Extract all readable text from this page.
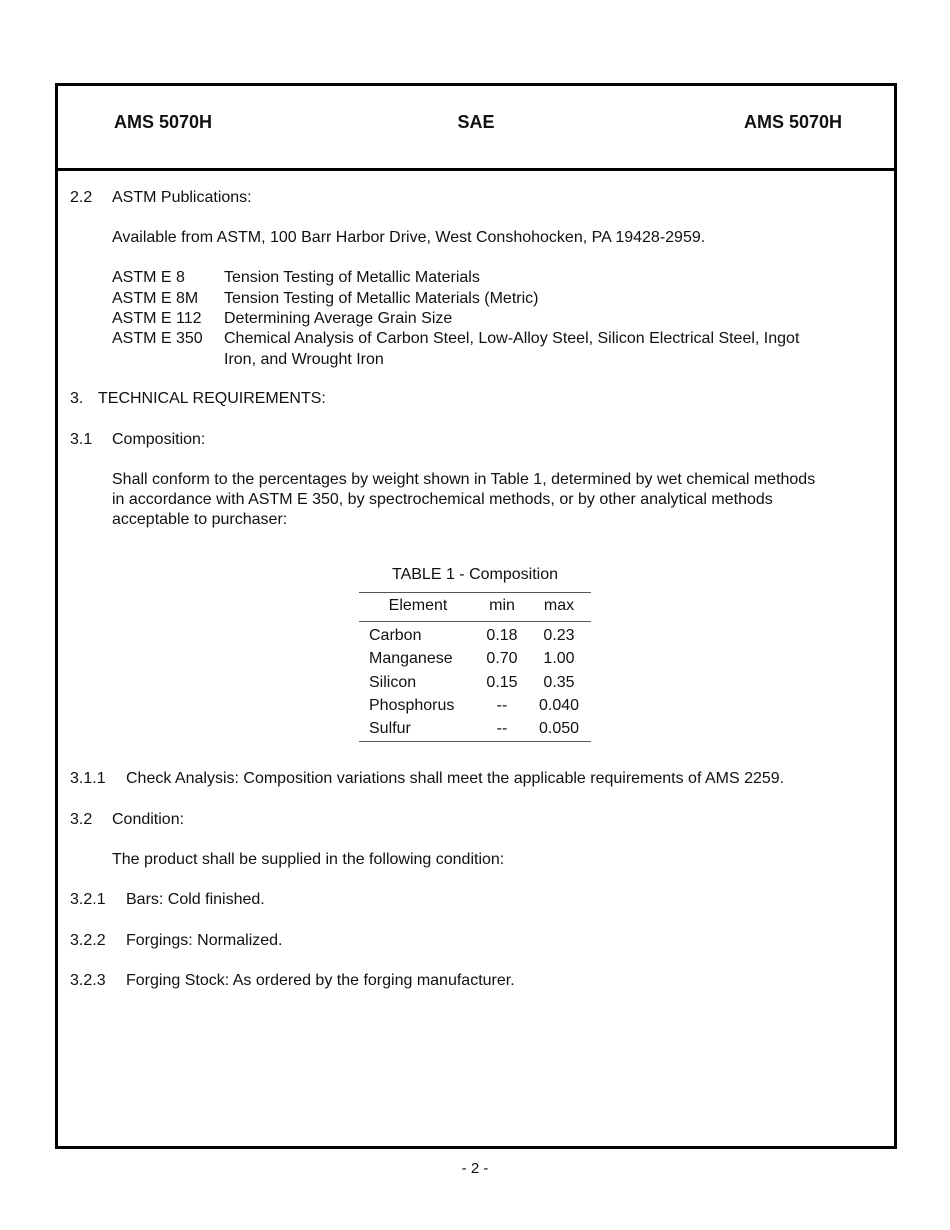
AMS 5070H	SAE	AMS 5070H
2.2 ASTM Publications:
Available from ASTM, 100 Barr Harbor Drive, West Conshohocken, PA 19428-2959.
ASTM E 8 Tension Testing of Metallic Materials
ASTM E 8M Tension Testing of Metallic Materials (Metric)
ASTM E 112 Determining Average Grain Size
ASTM E 350 Chemical Analysis of Carbon Steel, Low-Alloy Steel, Silicon Electrical Steel, Ingot
Iron, and Wrought Iron
3. TECHNICAL REQUIREMENTS:
3.1 Composition:
Shall conform to the percentages by weight shown in Table 1, determined by wet chemical methods
in accordance with ASTM E 350, by spectrochemical methods, or by other analytical methods
acceptable to purchaser:
TABLE 1 - Composition
Element	min	max
Carbon	0.18	0.23
Manganese	0.70	1.00
Silicon	0.15	0.35
Phosphorus	--	0.040
Sulfur	--	0.050
3.1.1 Check Analysis: Composition variations shall meet the applicable requirements of AMS 2259.
3.2 Condition:
The product shall be supplied in the following condition:
3.2.1 Bars: Cold finished.
3.2.2 Forgings: Normalized.
3.2.3 Forging Stock: As ordered by the forging manufacturer.
- 2 -
